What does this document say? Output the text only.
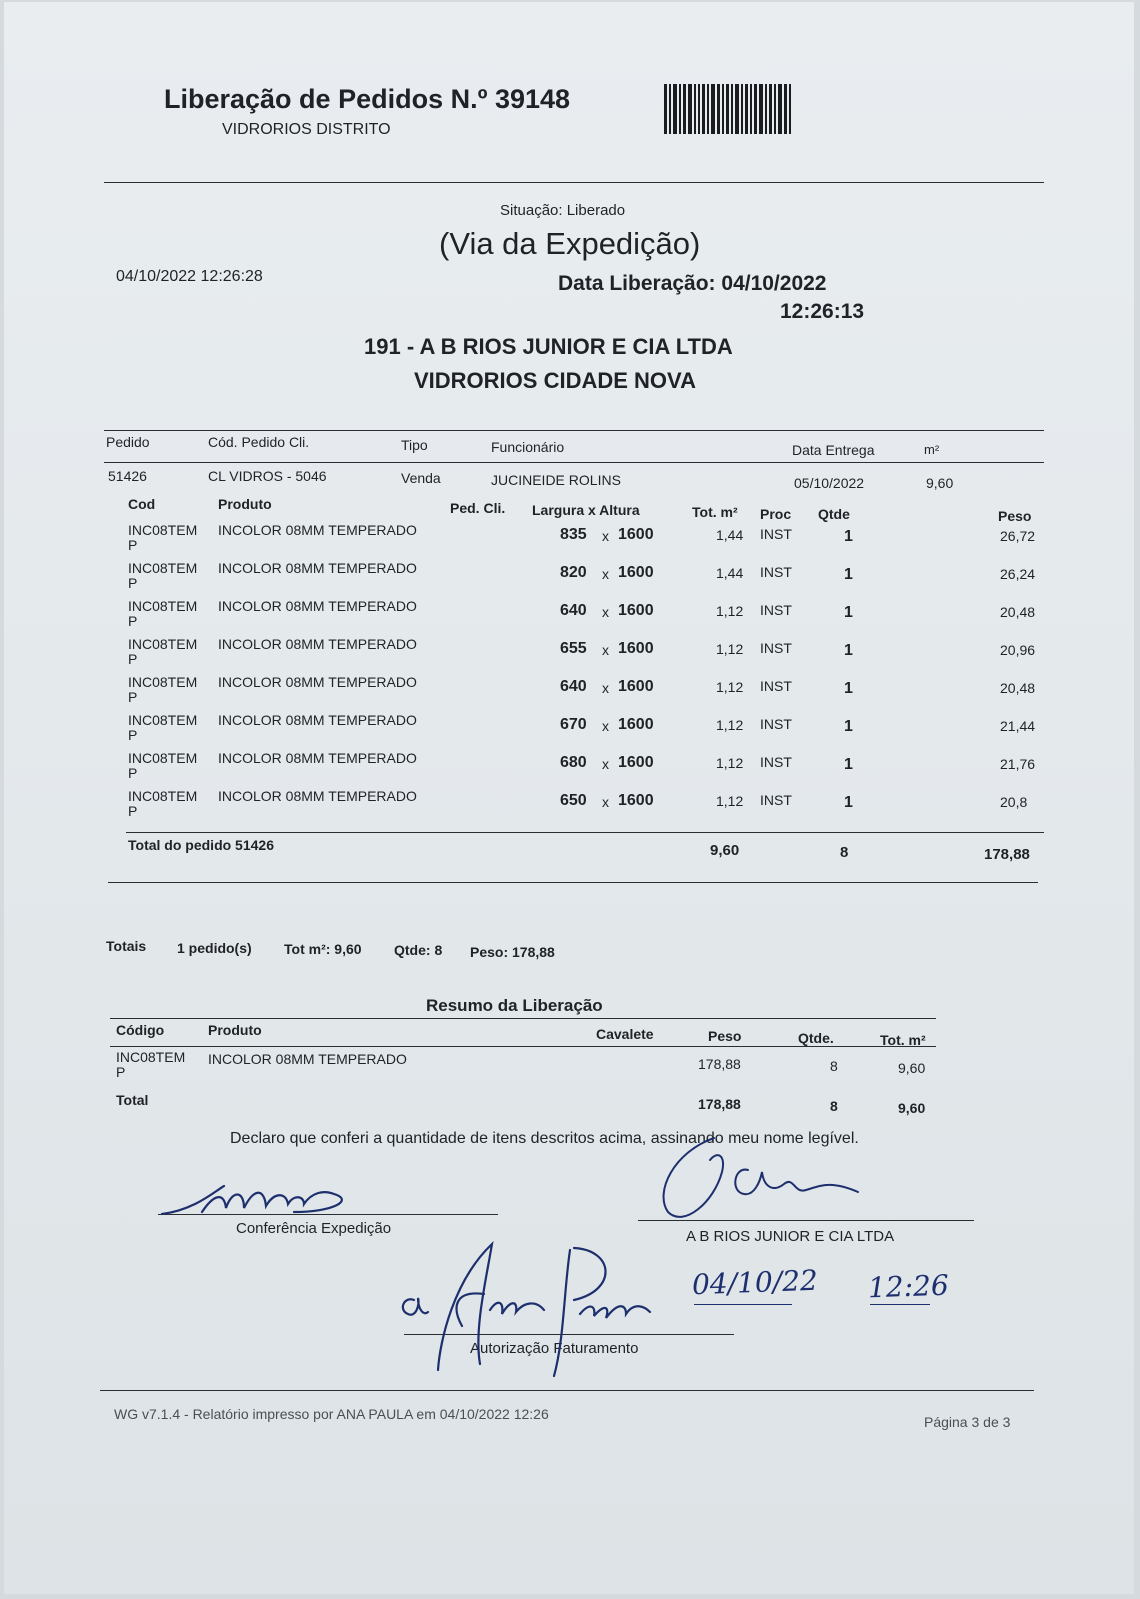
Liberação de Pedidos N.º 39148
VIDRORIOS DISTRITO
Situação: Liberado
(Via da Expedição)
04/10/2022 12:26:28	Data Liberação: 04/10/2022
12:26:13
191 - A B RIOS JUNIOR E CIA LTDA
VIDRORIOS CIDADE NOVA
Pedido	Cód. Pedido Cli.	Tipo	Funcionário	Data Entrega	m²
51426	CL VIDROS - 5046	Venda	JUCINEIDE ROLINS	05/10/2022	9,60
Cod	Produto	Ped. Cli. Largura x Altura	Tot. m² Proc Qtde	Peso
INC08TEM
P
INCOLOR 08MM TEMPERADO	835 x 1600	1,44 INST	1	26,72
INC08TEM
P
INCOLOR 08MM TEMPERADO	820 x 1600	1,44 INST	1	26,24
INC08TEM
P
INCOLOR 08MM TEMPERADO	640 x 1600	1,12 INST	1	20,48
INC08TEM
P
INCOLOR 08MM TEMPERADO	655 x 1600	1,12 INST	1	20,96
INC08TEM
P
INCOLOR 08MM TEMPERADO	640 x 1600	1,12 INST	1	20,48
INC08TEM
P
INCOLOR 08MM TEMPERADO	670 x 1600	1,12 INST	1	21,44
INC08TEM
P
INCOLOR 08MM TEMPERADO	680 x 1600	1,12 INST	1	21,76
INC08TEM
P
INCOLOR 08MM TEMPERADO	650 x 1600	1,12 INST	1	20,8
Total do pedido 51426	9,60	8	178,88
Totais 1 pedido(s) Tot m²: 9,60 Qtde: 8 Peso: 178,88
Resumo da Liberação
Código	Produto	Cavalete	Peso	Qtde.	Tot. m²
INC08TEM
P
INCOLOR 08MM TEMPERADO	178,88	8	9,60
Total	178,88	8	9,60
Declaro que conferi a quantidade de itens descritos acima, assinando meu nome legível.
Conferência Expedição	A B RIOS JUNIOR E CIA LTDA
Autorização Faturamento
04/10/22 12:26
WG v7.1.4 - Relatório impresso por ANA PAULA em 04/10/2022 12:26	Página 3 de 3
